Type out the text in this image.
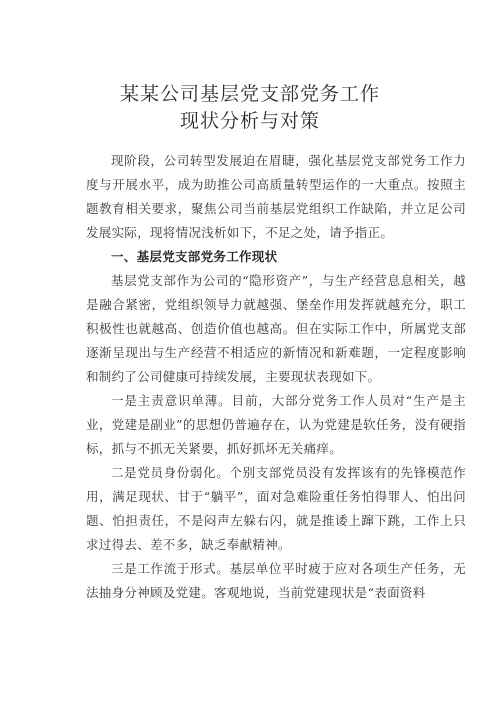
某某公司基层党支部党务工作
现状分析与对策

现阶段，公司转型发展迫在眉睫，强化基层党支部党务工作力度与开展水平，成为助推公司高质量转型运作的一大重点。按照主题教育相关要求，聚焦公司当前基层党组织工作缺陷，并立足公司发展实际，现将情况浅析如下，不足之处，请予指正。

一、基层党支部党务工作现状

基层党支部作为公司的“隐形资产”，与生产经营息息相关，越是融合紧密，党组织领导力就越强、堡垒作用发挥就越充分，职工积极性也就越高、创造价值也越高。但在实际工作中，所属党支部逐渐呈现出与生产经营不相适应的新情况和新难题，一定程度影响和制约了公司健康可持续发展，主要现状表现如下。

一是主责意识单薄。目前，大部分党务工作人员对“生产是主业，党建是副业”的思想仍普遍存在，认为党建是软任务，没有硬指标，抓与不抓无关紧要，抓好抓坏无关痛痒。

二是党员身份弱化。个别支部党员没有发挥该有的先锋模范作用，满足现状、甘于“躺平”，面对急难险重任务怕得罪人、怕出问题、怕担责任，不是闷声左躲右闪，就是推诿上蹿下跳，工作上只求过得去、差不多，缺乏奉献精神。

三是工作流于形式。基层单位平时疲于应对各项生产任务，无法抽身分神顾及党建。客观地说，当前党建现状是“表面资料
